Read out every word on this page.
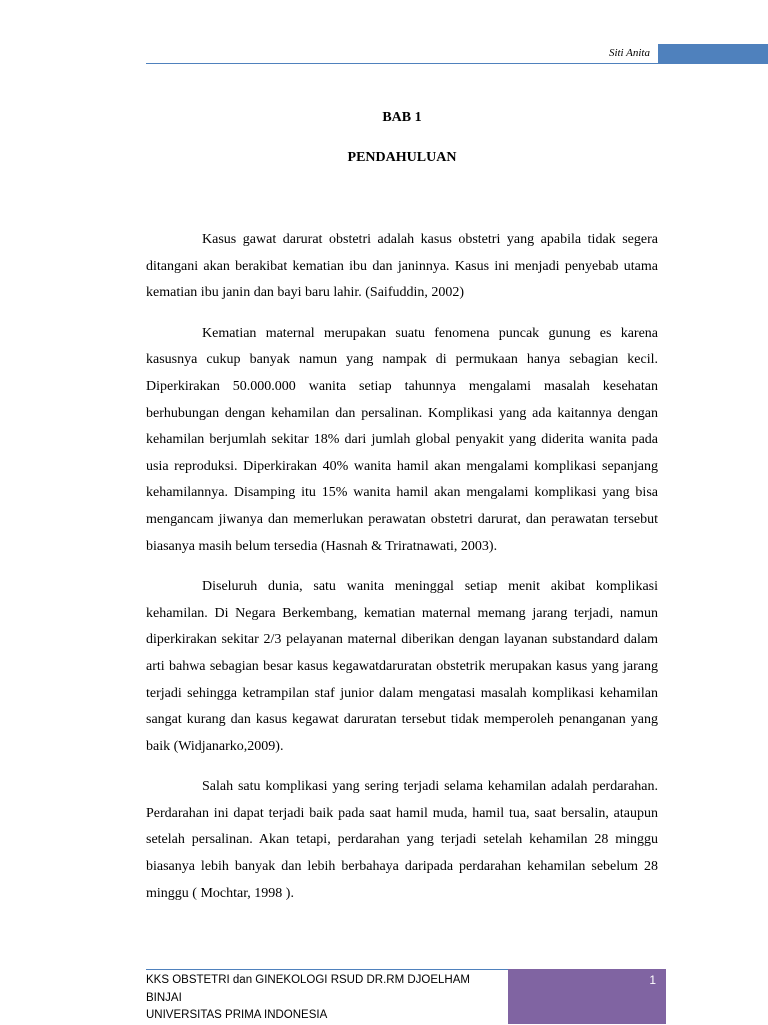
Siti Anita
BAB 1
PENDAHULUAN

Kasus gawat darurat obstetri adalah kasus obstetri yang apabila tidak segera ditangani akan berakibat kematian ibu dan janinnya. Kasus ini menjadi penyebab utama kematian ibu janin dan bayi baru lahir. (Saifuddin, 2002)

Kematian maternal merupakan suatu fenomena puncak gunung es karena kasusnya cukup banyak namun yang nampak di permukaan hanya sebagian kecil. Diperkirakan 50.000.000 wanita setiap tahunnya mengalami masalah kesehatan berhubungan dengan kehamilan dan persalinan. Komplikasi yang ada kaitannya dengan kehamilan berjumlah sekitar 18% dari jumlah global penyakit yang diderita wanita pada usia reproduksi. Diperkirakan 40% wanita hamil akan mengalami komplikasi sepanjang kehamilannya. Disamping itu 15% wanita hamil akan mengalami komplikasi yang bisa mengancam jiwanya dan memerlukan perawatan obstetri darurat, dan perawatan tersebut biasanya masih belum tersedia (Hasnah & Triratnawati, 2003).

Diseluruh dunia, satu wanita meninggal setiap menit akibat komplikasi kehamilan. Di Negara Berkembang, kematian maternal memang jarang terjadi, namun diperkirakan sekitar 2/3 pelayanan maternal diberikan dengan layanan substandard dalam arti bahwa sebagian besar kasus kegawatdaruratan obstetrik merupakan kasus yang jarang terjadi sehingga ketrampilan staf junior dalam mengatasi masalah komplikasi kehamilan sangat kurang dan kasus kegawat daruratan tersebut tidak memperoleh penanganan yang baik (Widjanarko,2009).

Salah satu komplikasi yang sering terjadi selama kehamilan adalah perdarahan. Perdarahan ini dapat terjadi baik pada saat hamil muda, hamil tua, saat bersalin, ataupun setelah persalinan. Akan tetapi, perdarahan yang terjadi setelah kehamilan 28 minggu biasanya lebih banyak dan lebih berbahaya daripada perdarahan kehamilan sebelum 28 minggu ( Mochtar, 1998 ).

KKS OBSTETRI dan GINEKOLOGI RSUD DR.RM DJOELHAM
BINJAI
UNIVERSITAS PRIMA INDONESIA
1
